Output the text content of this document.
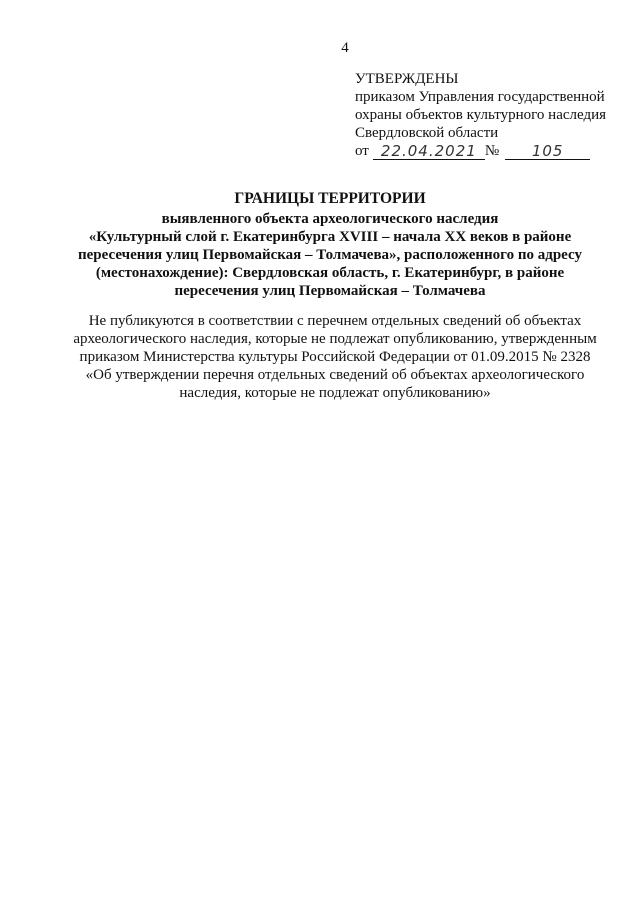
4
УТВЕРЖДЕНЫ
приказом Управления государственной
охраны объектов культурного наследия
Свердловской области
от 22.04.2021 №	105
ГРАНИЦЫ ТЕРРИТОРИИ
выявленного объекта археологического наследия
«Культурный слой г. Екатеринбурга XVIII – начала XX веков в районе
пересечения улиц Первомайская – Толмачева», расположенного по адресу
(местонахождение): Свердловская область, г. Екатеринбург, в районе
пересечения улиц Первомайская – Толмачева
Не публикуются в соответствии с перечнем отдельных сведений об объектах
археологического наследия, которые не подлежат опубликованию, утвержденным
приказом Министерства культуры Российской Федерации от 01.09.2015 № 2328
«Об утверждении перечня отдельных сведений об объектах археологического
наследия, которые не подлежат опубликованию»
